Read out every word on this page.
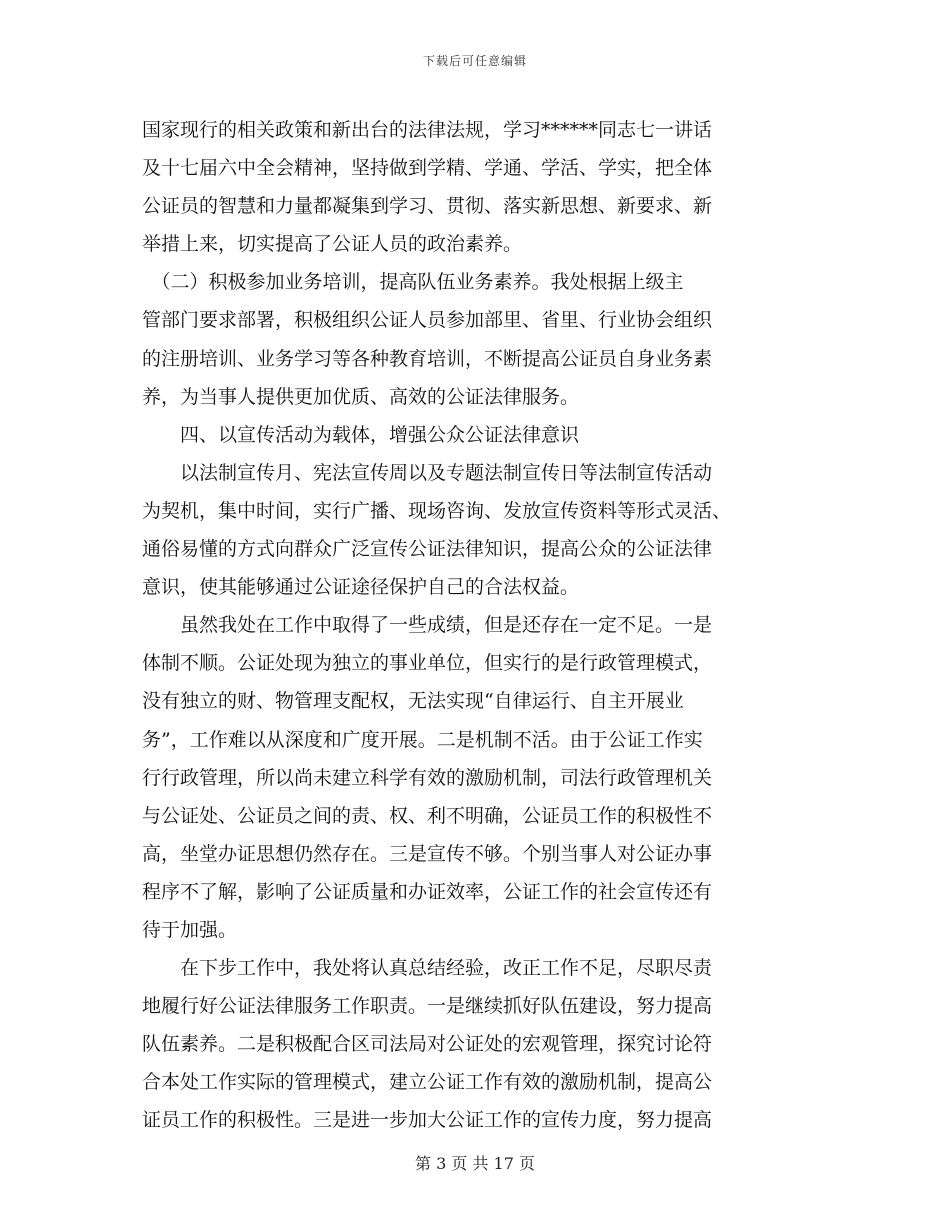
下载后可任意编辑
国家现行的相关政策和新出台的法律法规，学习******同志七一讲话
及十七届六中全会精神，坚持做到学精、学通、学活、学实，把全体
公证员的智慧和力量都凝集到学习、贯彻、落实新思想、新要求、新
举措上来，切实提高了公证人员的政治素养。
　（二）积极参加业务培训，提高队伍业务素养。我处根据上级主
管部门要求部署，积极组织公证人员参加部里、省里、行业协会组织
的注册培训、业务学习等各种教育培训，不断提高公证员自身业务素
养，为当事人提供更加优质、高效的公证法律服务。
　　四、以宣传活动为载体，增强公众公证法律意识
　　以法制宣传月、宪法宣传周以及专题法制宣传日等法制宣传活动
为契机，集中时间，实行广播、现场咨询、发放宣传资料等形式灵活、
通俗易懂的方式向群众广泛宣传公证法律知识，提高公众的公证法律
意识，使其能够通过公证途径保护自己的合法权益。
　　虽然我处在工作中取得了一些成绩，但是还存在一定不足。一是
体制不顺。公证处现为独立的事业单位，但实行的是行政管理模式，
没有独立的财、物管理支配权，无法实现“自律运行、自主开展业
务”，工作难以从深度和广度开展。二是机制不活。由于公证工作实
行行政管理，所以尚未建立科学有效的激励机制，司法行政管理机关
与公证处、公证员之间的责、权、利不明确，公证员工作的积极性不
高，坐堂办证思想仍然存在。三是宣传不够。个别当事人对公证办事
程序不了解，影响了公证质量和办证效率，公证工作的社会宣传还有
待于加强。
　　在下步工作中，我处将认真总结经验，改正工作不足，尽职尽责
地履行好公证法律服务工作职责。一是继续抓好队伍建设，努力提高
队伍素养。二是积极配合区司法局对公证处的宏观管理，探究讨论符
合本处工作实际的管理模式，建立公证工作有效的激励机制，提高公
证员工作的积极性。三是进一步加大公证工作的宣传力度，努力提高
第 3 页 共 17 页
